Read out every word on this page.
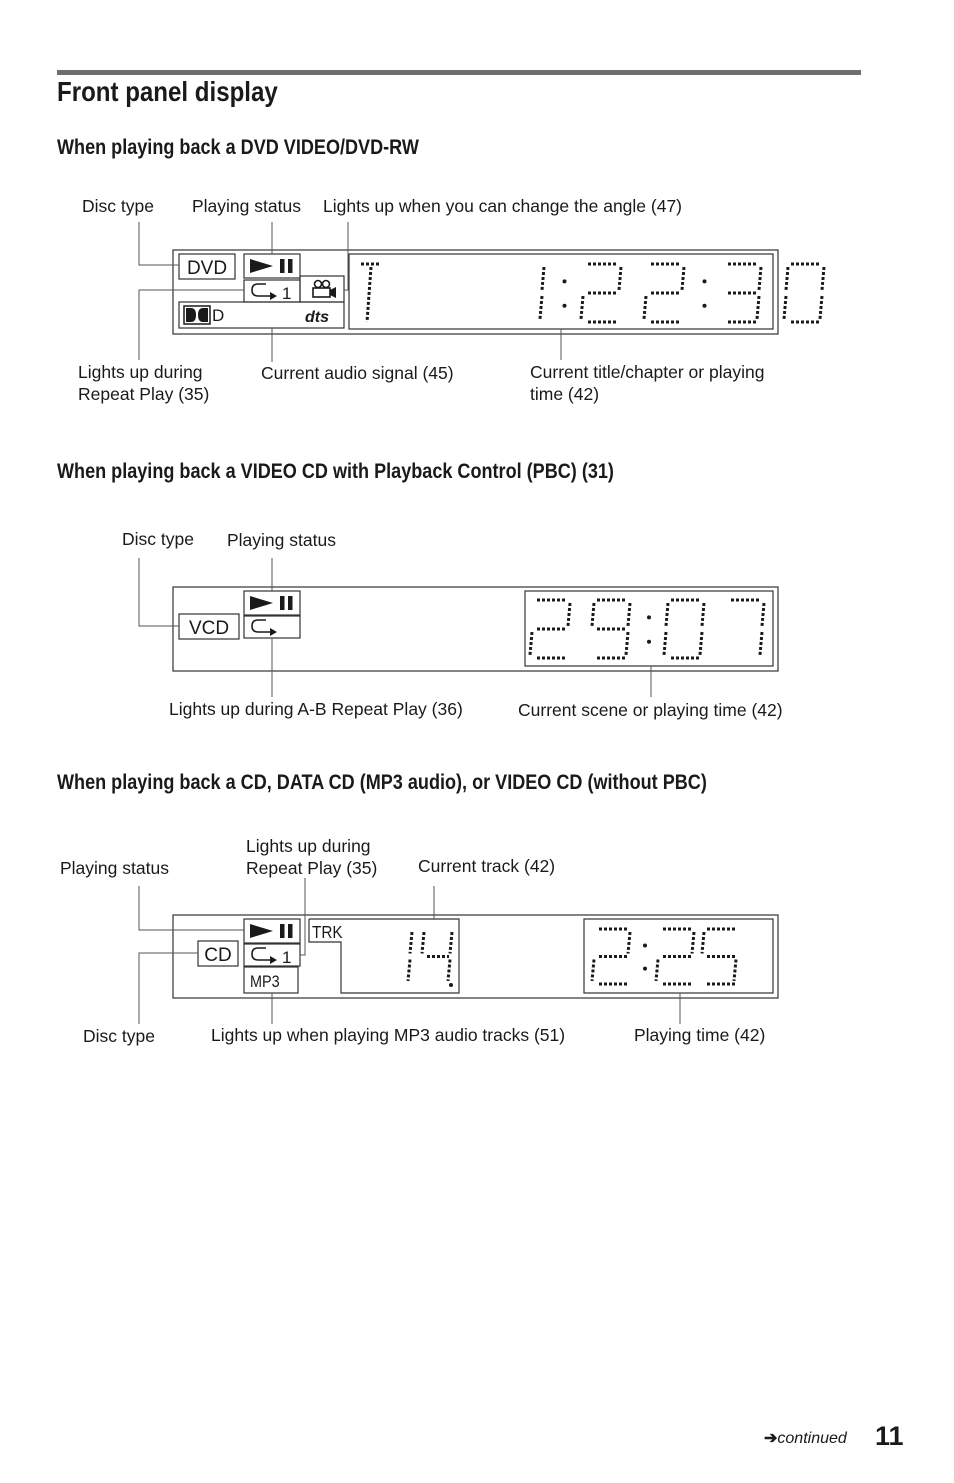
Front panel display
When playing back a DVD VIDEO/DVD-RW
Disc type Playing status Lights up when you can change the angle (47)
Lights up during
Repeat Play (35)
Current audio signal (45)	Current title/chapter or playing
time (42)
DVD
1
D	dts
When playing back a VIDEO CD with Playback Control (PBC) (31)
Disc type Playing status
Lights up during A-B Repeat Play (36)	Current scene or playing time (42)
VCD
When playing back a CD, DATA CD (MP3 audio), or VIDEO CD (without PBC)
Playing status
Lights up during
Repeat Play (35) Current track (42)
Disc type	Lights up when playing MP3 audio tracks (51)	Playing time (42)
CD	1
MP3
TRK
➔continued 11
